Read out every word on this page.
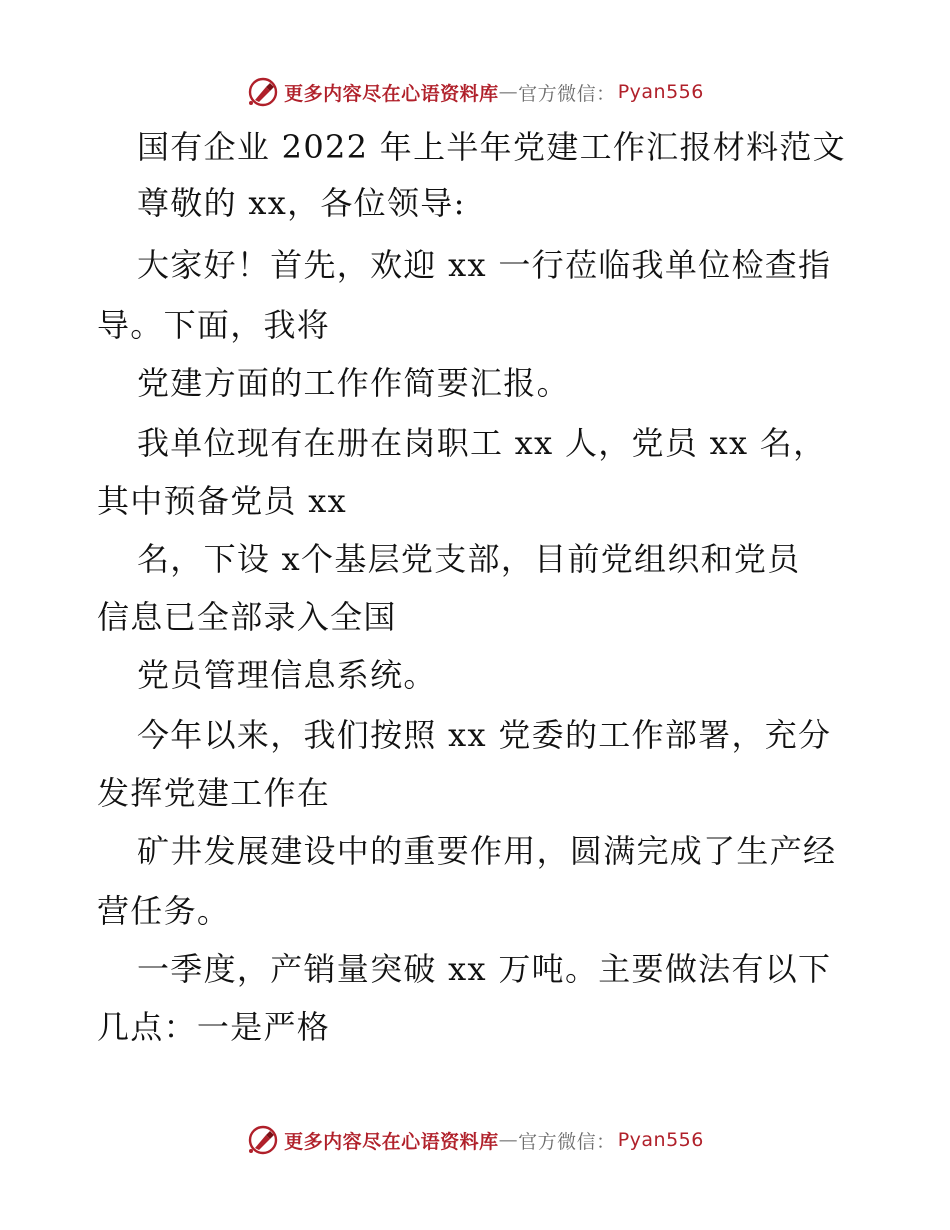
更多内容尽在心语资料库 — 官方微信： Pyan556
国有企业 2022 年上半年党建工作汇报材料范文
尊敬的 xx，各位领导:
大家好！首先，欢迎 xx 一行莅临我单位检查指
导。下面，我将
党建方面的工作作简要汇报。
我单位现有在册在岗职工 xx 人，党员 xx 名，
其中预备党员 xx
名，下设 x个基层党支部，目前党组织和党员
信息已全部录入全国
党员管理信息系统。
今年以来，我们按照 xx 党委的工作部署，充分
发挥党建工作在
矿井发展建设中的重要作用，圆满完成了生产经
营任务。
一季度，产销量突破 xx 万吨。主要做法有以下
几点：一是严格
更多内容尽在心语资料库 — 官方微信： Pyan556
